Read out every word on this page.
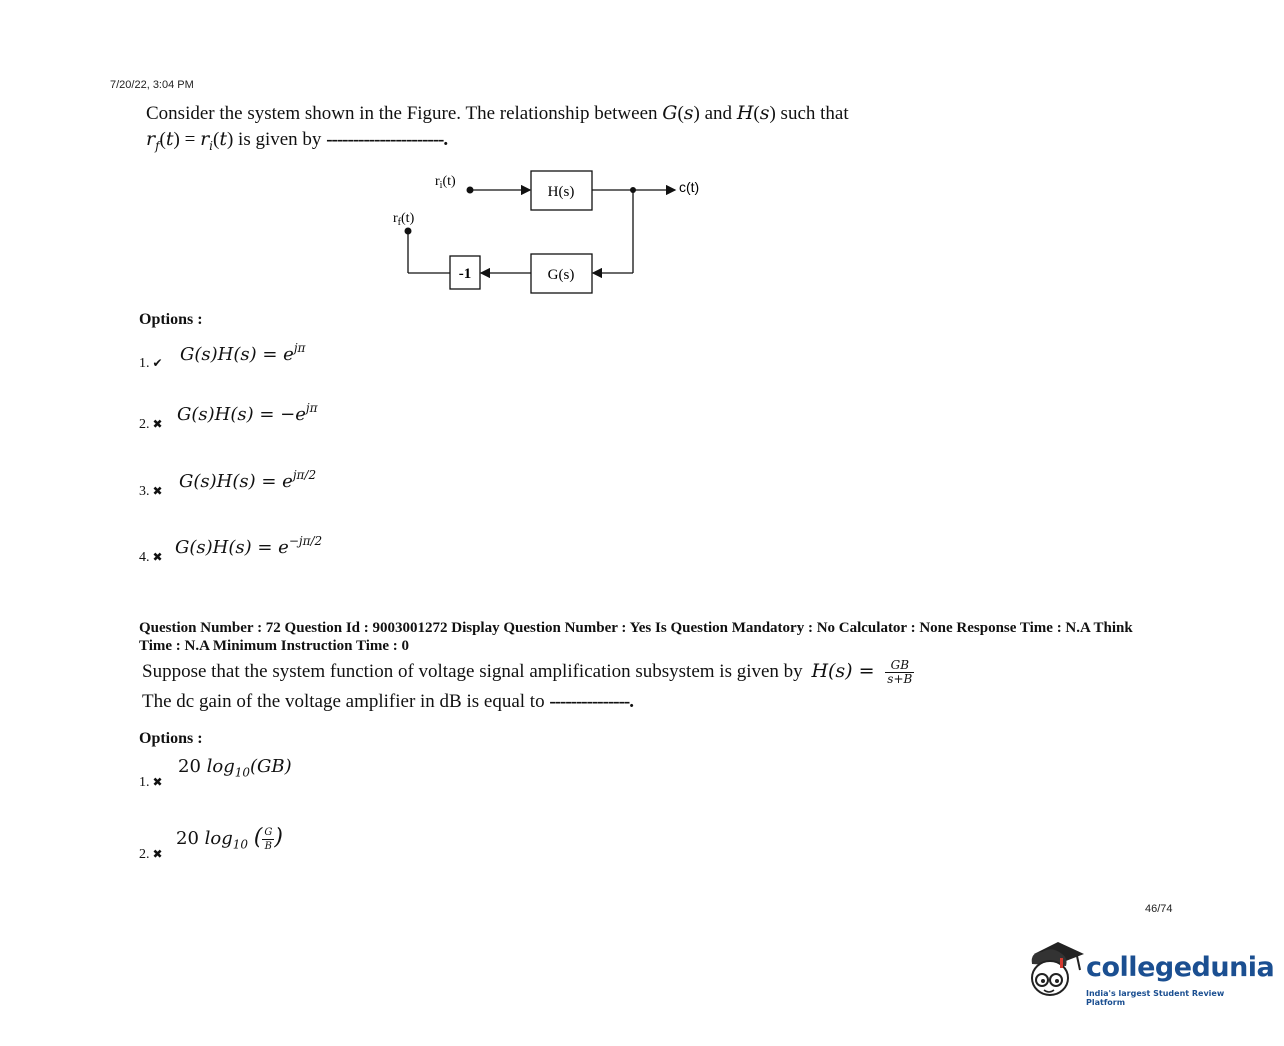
7/20/22, 3:04 PM
Consider the system shown in the Figure. The relationship between G(s) and H(s) such that
$r_f(t) = r_i(t)$ is given by ----------------------.
$r_i(t)$
H(s)	c(t)
G(s)
-1
$r_f(t)$
Options :
1. ✔ $G(s)H(s) = e^{j\pi}$
2. ✖ $G(s)H(s) = -e^{j\pi}$
3. ✖ $G(s)H(s) = e^{j\pi/2}$
4. ✖ $G(s)H(s) = e^{-j\pi/2}$
Question Number : 72 Question Id : 9003001272 Display Question Number : Yes Is Question Mandatory : No Calculator : None Response Time : N.A Think Time : N.A Minimum Instruction Time : 0
Suppose that the system function of voltage signal amplification subsystem is given by $H(s) = \frac{GB}{s+B}$
The dc gain of the voltage amplifier in dB is equal to ---------------.
Options :
1. ✖
20 $\log_{10}(GB)$
2. ✖
20 $\log_{10}$ ( $\frac{G}{B}$ )
46/74
collegedunia
India's largest Student Review Platform
